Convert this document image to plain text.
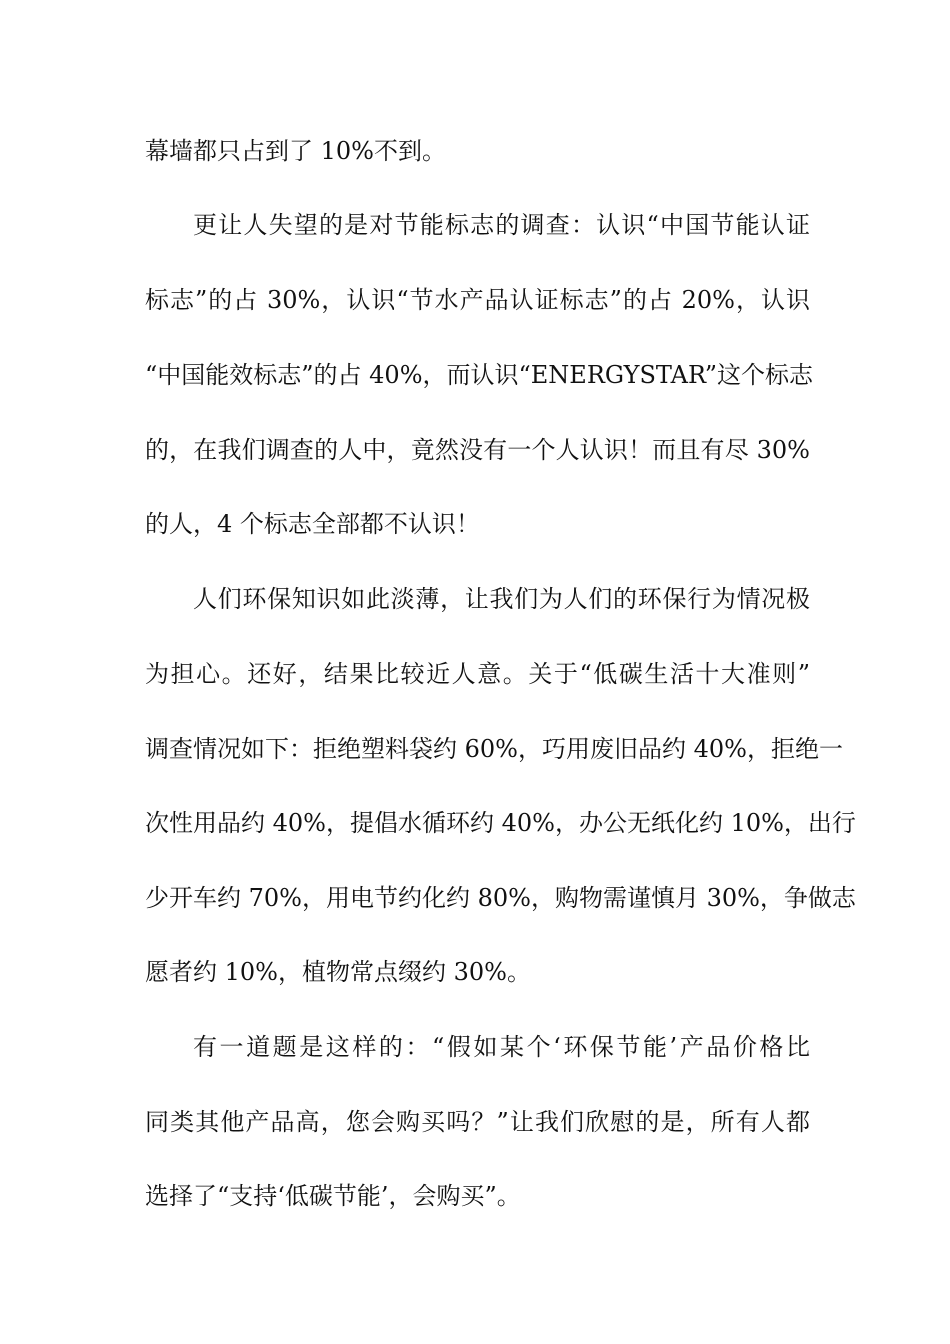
幕墙都只占到了 10%不到。

更让人失望的是对节能标志的调查：认识“中国节能认证

标志”的占 30%，认识“节水产品认证标志”的占 20%，认识

“中国能效标志”的占 40%，而认识“ENERGYSTAR”这个标志

的，在我们调查的人中，竟然没有一个人认识！而且有尽 30%

的人，4 个标志全部都不认识！

人们环保知识如此淡薄，让我们为人们的环保行为情况极

为担心。还好，结果比较近人意。关于“低碳生活十大准则”

调查情况如下：拒绝塑料袋约 60%，巧用废旧品约 40%，拒绝一

次性用品约 40%，提倡水循环约 40%，办公无纸化约 10%，出行

少开车约 70%，用电节约化约 80%，购物需谨慎月 30%，争做志

愿者约 10%，植物常点缀约 30%。

有一道题是这样的：“假如某个‘环保节能’产品价格比

同类其他产品高，您会购买吗？”让我们欣慰的是，所有人都

选择了“支持‘低碳节能’，会购买”。
